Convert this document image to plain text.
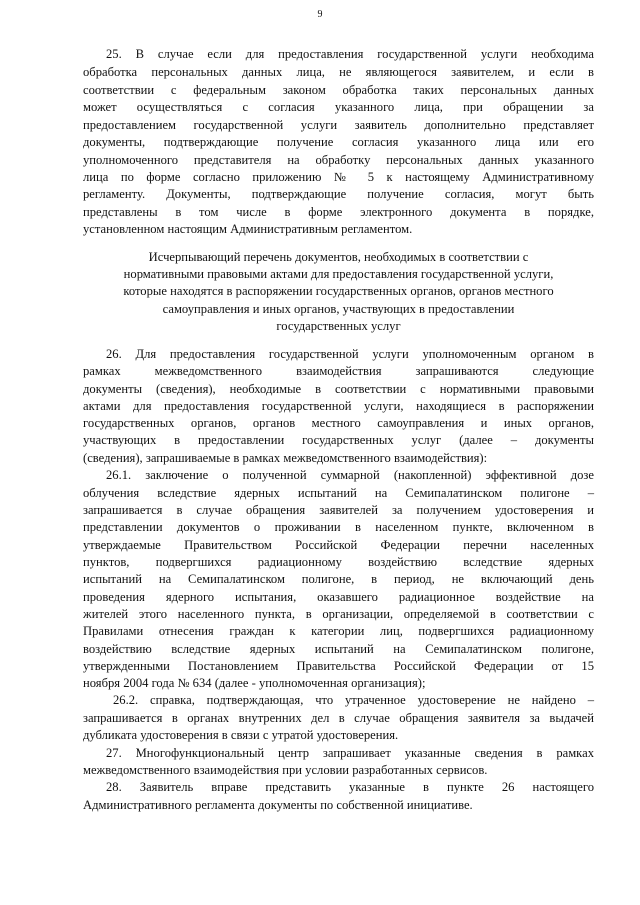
9
25. В случае если для предоставления государственной услуги необходима
обработка персональных данных лица, не являющегося заявителем, и если в
соответствии с федеральным законом обработка таких персональных данных
может осуществляться с согласия указанного лица, при обращении за
предоставлением государственной услуги заявитель дополнительно представляет
документы, подтверждающие получение согласия указанного лица или его
уполномоченного представителя на обработку персональных данных указанного
лица по форме согласно приложению № 5 к настоящему Административному
регламенту. Документы, подтверждающие получение согласия, могут быть
представлены в том числе в форме электронного документа в порядке,
установленном настоящим Административным регламентом.
Исчерпывающий перечень документов, необходимых в соответствии с
нормативными правовыми актами для предоставления государственной услуги,
которые находятся в распоряжении государственных органов, органов местного
самоуправления и иных органов, участвующих в предоставлении
государственных услуг
26. Для предоставления государственной услуги уполномоченным органом в
рамках межведомственного взаимодействия запрашиваются следующие
документы (сведения), необходимые в соответствии с нормативными правовыми
актами для предоставления государственной услуги, находящиеся в распоряжении
государственных органов, органов местного самоуправления и иных органов,
участвующих в предоставлении государственных услуг (далее – документы
(сведения), запрашиваемые в рамках межведомственного взаимодействия):
26.1. заключение о полученной суммарной (накопленной) эффективной дозе
облучения вследствие ядерных испытаний на Семипалатинском полигоне –
запрашивается в случае обращения заявителей за получением удостоверения и
представлении документов о проживании в населенном пункте, включенном в
утверждаемые Правительством Российской Федерации перечни населенных
пунктов, подвергшихся радиационному воздействию вследствие ядерных
испытаний на Семипалатинском полигоне, в период, не включающий день
проведения ядерного испытания, оказавшего радиационное воздействие на
жителей этого населенного пункта, в организации, определяемой в соответствии с
Правилами отнесения граждан к категории лиц, подвергшихся радиационному
воздействию вследствие ядерных испытаний на Семипалатинском полигоне,
утвержденными Постановлением Правительства Российской Федерации от 15
ноября 2004 года № 634 (далее - уполномоченная организация);
26.2. справка, подтверждающая, что утраченное удостоверение не найдено –
запрашивается в органах внутренних дел в случае обращения заявителя за выдачей
дубликата удостоверения в связи с утратой удостоверения.
27. Многофункциональный центр запрашивает указанные сведения в рамках
межведомственного взаимодействия при условии разработанных сервисов.
28. Заявитель вправе представить указанные в пункте 26 настоящего
Административного регламента документы по собственной инициативе.
